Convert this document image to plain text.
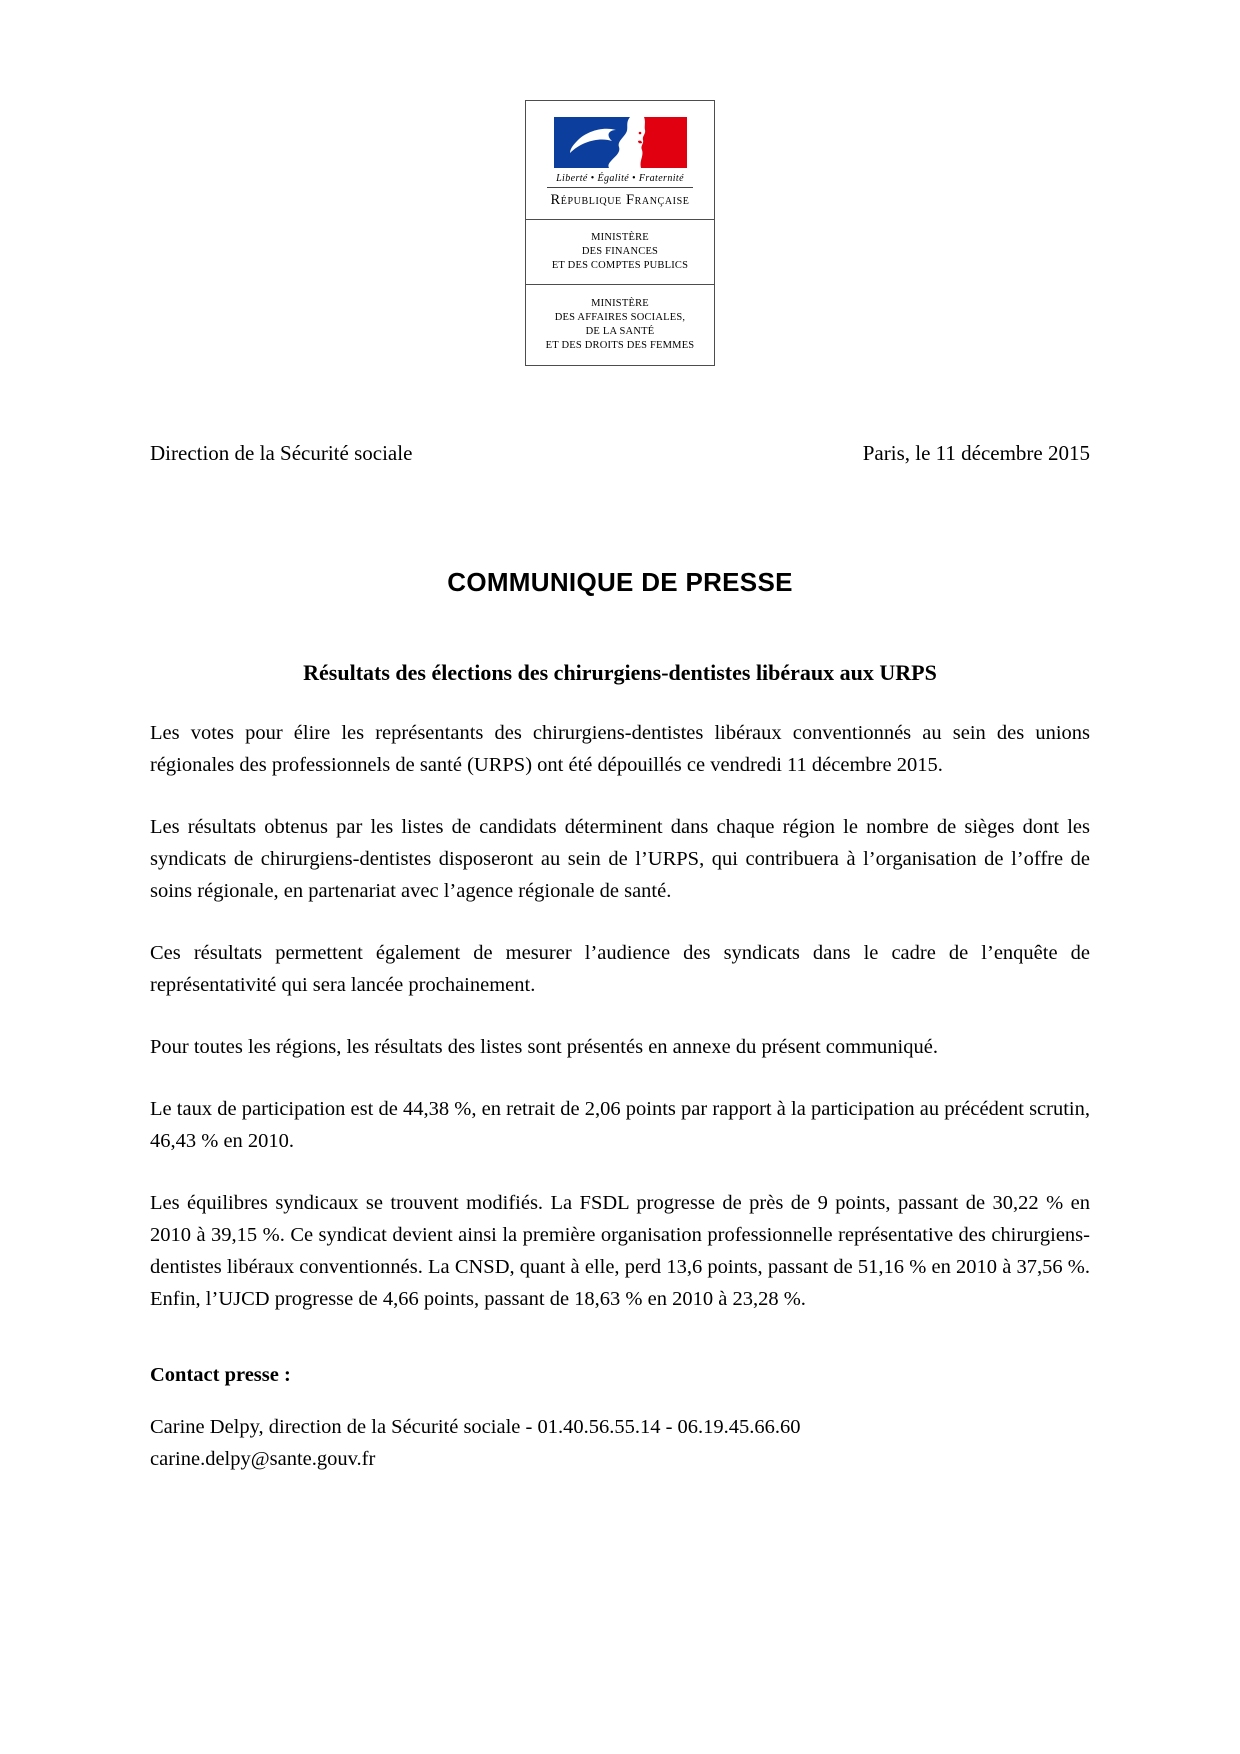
Liberté • Égalité • Fraternité
République Française
MINISTÈRE
DES FINANCES
ET DES COMPTES PUBLICS
MINISTÈRE
DES AFFAIRES SOCIALES,
DE LA SANTÉ
ET DES DROITS DES FEMMES
Direction de la Sécurité sociale	Paris, le 11 décembre 2015
COMMUNIQUE DE PRESSE
Résultats des élections des chirurgiens-dentistes libéraux aux URPS

Les votes pour élire les représentants des chirurgiens-dentistes libéraux conventionnés au sein des unions régionales des professionnels de santé (URPS) ont été dépouillés ce vendredi 11 décembre 2015.

Les résultats obtenus par les listes de candidats déterminent dans chaque région le nombre de sièges dont les syndicats de chirurgiens-dentistes disposeront au sein de l’URPS, qui contribuera à l’organisation de l’offre de soins régionale, en partenariat avec l’agence régionale de santé.

Ces résultats permettent également de mesurer l’audience des syndicats dans le cadre de l’enquête de représentativité qui sera lancée prochainement.

Pour toutes les régions, les résultats des listes sont présentés en annexe du présent communiqué.

Le taux de participation est de 44,38 %, en retrait de 2,06 points par rapport à la participation au précédent scrutin, 46,43 % en 2010.

Les équilibres syndicaux se trouvent modifiés. La FSDL progresse de près de 9 points, passant de 30,22 % en 2010 à 39,15 %. Ce syndicat devient ainsi la première organisation professionnelle représentative des chirurgiens-dentistes libéraux conventionnés. La CNSD, quant à elle, perd 13,6 points, passant de 51,16 % en 2010 à 37,56 %. Enfin, l’UJCD progresse de 4,66 points, passant de 18,63 % en 2010 à 23,28 %.

Contact presse :

Carine Delpy, direction de la Sécurité sociale - 01.40.56.55.14 - 06.19.45.66.60
carine.delpy@sante.gouv.fr
